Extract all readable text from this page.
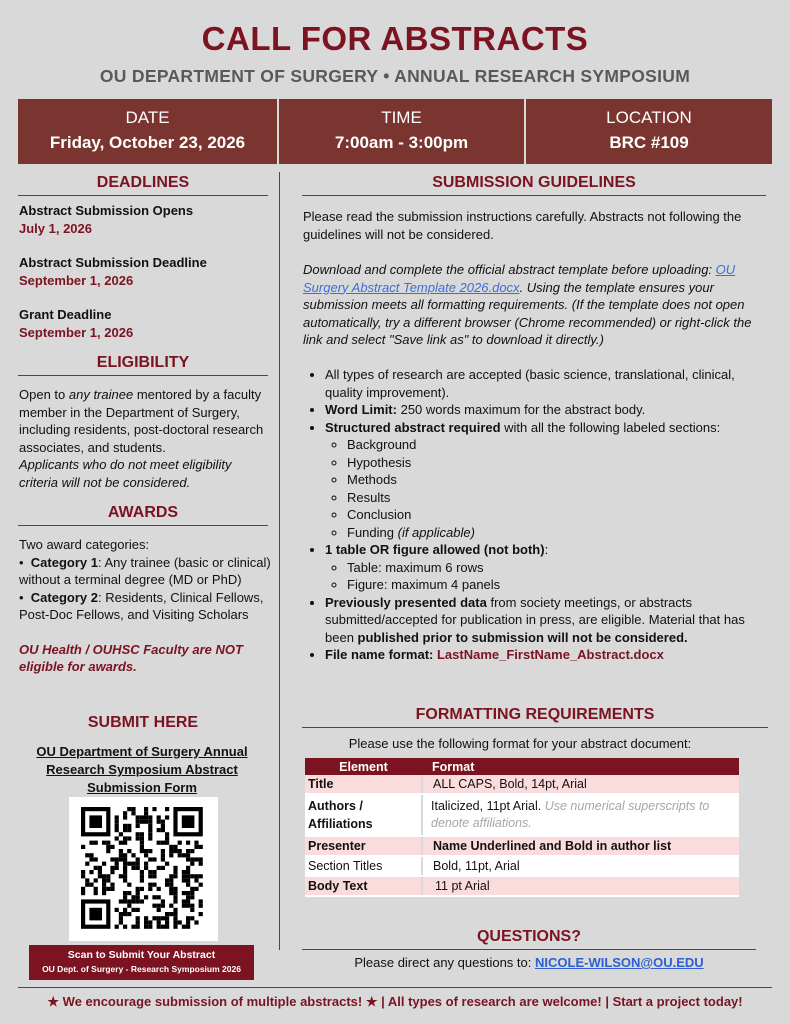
CALL FOR ABSTRACTS
OU DEPARTMENT OF SURGERY • ANNUAL RESEARCH SYMPOSIUM
DATE
Friday, October 23, 2026
TIME
7:00am - 3:00pm
LOCATION
BRC #109
DEADLINES
Abstract Submission Opens
July 1, 2026
Abstract Submission Deadline
September 1, 2026
Grant Deadline
September 1, 2026
ELIGIBILITY
Open to any trainee mentored by a faculty member in the Department of Surgery, including residents, post-doctoral research associates, and students.
Applicants who do not meet eligibility criteria will not be considered.
AWARDS
Two award categories:
•  Category 1: Any trainee (basic or clinical) without a terminal degree (MD or PhD)
•  Category 2: Residents, Clinical Fellows, Post-Doc Fellows, and Visiting Scholars
OU Health / OUHSC Faculty are NOT eligible for awards.
SUBMIT HERE
OU Department of Surgery Annual Research Symposium Abstract Submission Form
Scan to Submit Your Abstract
OU Dept. of Surgery - Research Symposium 2026
SUBMISSION GUIDELINES
Please read the submission instructions carefully. Abstracts not following the guidelines will not be considered.
Download and complete the official abstract template before uploading: OU Surgery Abstract Template 2026.docx. Using the template ensures your submission meets all formatting requirements. (If the template does not open automatically, try a different browser (Chrome recommended) or right-click the link and select "Save link as" to download it directly.)
• All types of research are accepted (basic science, translational, clinical, quality improvement).
• Word Limit: 250 words maximum for the abstract body.
• Structured abstract required with all the following labeled sections:
◦ Background
◦ Hypothesis
◦ Methods
◦ Results
◦ Conclusion
◦ Funding (if applicable)
• 1 table OR figure allowed (not both):
◦ Table: maximum 6 rows
◦ Figure: maximum 4 panels
• Previously presented data from society meetings, or abstracts submitted/accepted for publication in press, are eligible. Material that has been published prior to submission will not be considered.
• File name format: LastName_FirstName_Abstract.docx
FORMATTING REQUIREMENTS
Please use the following format for your abstract document:
Element	Format
Title	ALL CAPS, Bold, 14pt, Arial
Authors / Affiliations	Italicized, 11pt Arial. Use numerical superscripts to denote affiliations.
Presenter	Name Underlined and Bold in author list
Section Titles	Bold, 11pt, Arial
Body Text	11 pt Arial
QUESTIONS?
Please direct any questions to: NICOLE-WILSON@OU.EDU
★ We encourage submission of multiple abstracts! ★ | All types of research are welcome! | Start a project today!
